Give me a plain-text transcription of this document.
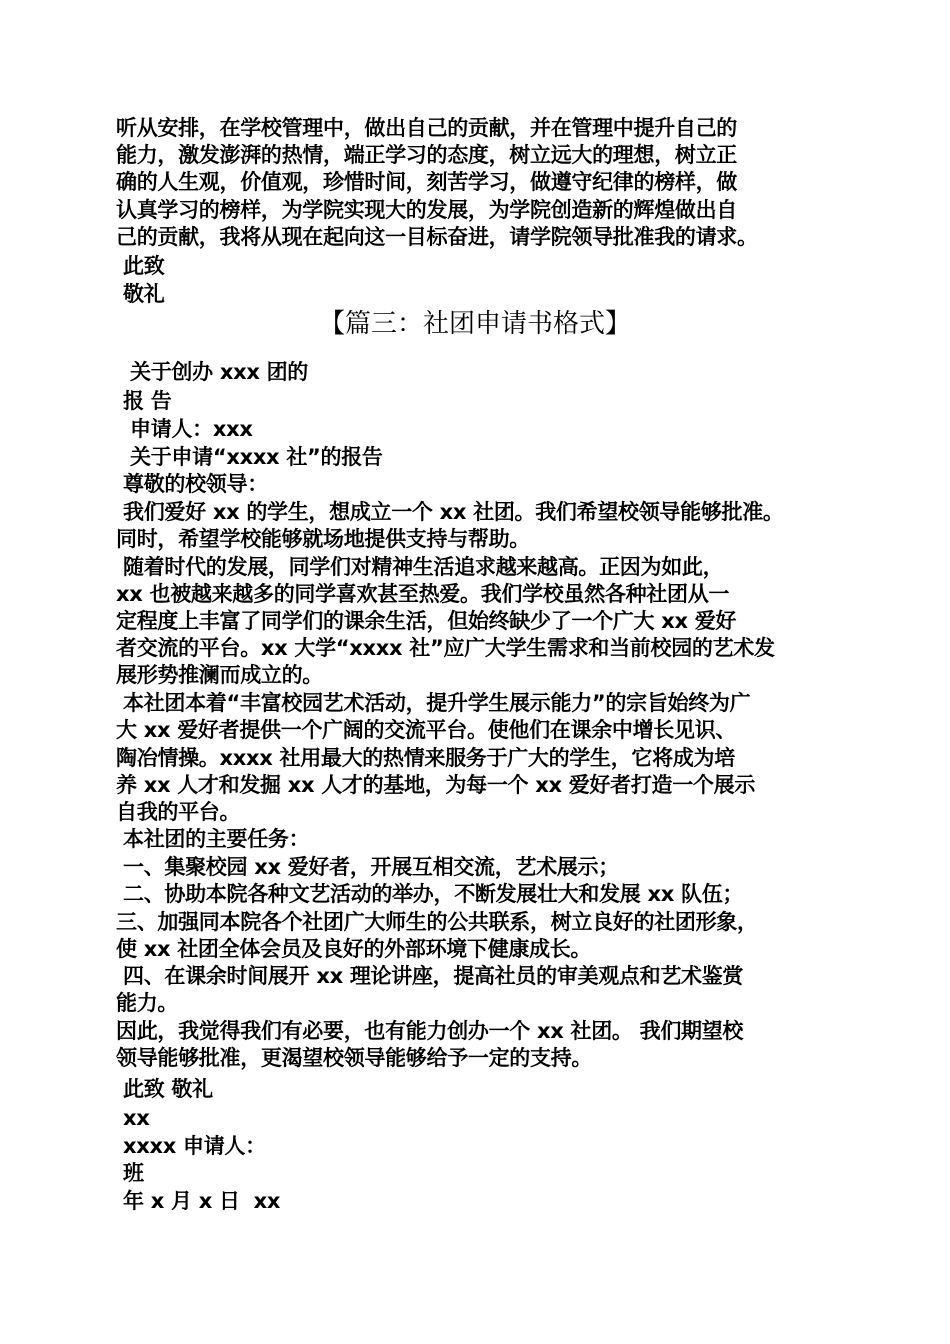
听从安排，在学校管理中，做出自己的贡献，并在管理中提升自己的
能力，激发澎湃的热情，端正学习的态度，树立远大的理想，树立正
确的人生观，价值观，珍惜时间，刻苦学习，做遵守纪律的榜样，做
认真学习的榜样，为学院实现大的发展，为学院创造新的辉煌做出自
己的贡献，我将从现在起向这一目标奋进，请学院领导批准我的请求。
此致
敬礼
【篇三：社团申请书格式】
关于创办 xxx 团的
报 告
申请人：xxx
关于申请“xxxx 社”的报告
尊敬的校领导：
我们爱好 xx 的学生，想成立一个 xx 社团。我们希望校领导能够批准。
同时，希望学校能够就场地提供支持与帮助。
随着时代的发展，同学们对精神生活追求越来越高。正因为如此，
xx 也被越来越多的同学喜欢甚至热爱。我们学校虽然各种社团从一
定程度上丰富了同学们的课余生活，但始终缺少了一个广大 xx 爱好
者交流的平台。xx 大学“xxxx 社”应广大学生需求和当前校园的艺术发
展形势推澜而成立的。
本社团本着“丰富校园艺术活动，提升学生展示能力”的宗旨始终为广
大 xx 爱好者提供一个广阔的交流平台。使他们在课余中增长见识、
陶冶情操。xxxx 社用最大的热情来服务于广大的学生，它将成为培
养 xx 人才和发掘 xx 人才的基地，为每一个 xx 爱好者打造一个展示
自我的平台。
本社团的主要任务：
一、集聚校园 xx 爱好者，开展互相交流，艺术展示；
二、协助本院各种文艺活动的举办，不断发展壮大和发展 xx 队伍；
三、加强同本院各个社团广大师生的公共联系，树立良好的社团形象，
使 xx 社团全体会员及良好的外部环境下健康成长。
四、在课余时间展开 xx 理论讲座，提高社员的审美观点和艺术鉴赏
能力。
因此，我觉得我们有必要，也有能力创办一个 xx 社团。 我们期望校
领导能够批准，更渴望校领导能够给予一定的支持。
此致 敬礼
xx
xxxx 申请人：
班
年 x 月 x 日  xx
